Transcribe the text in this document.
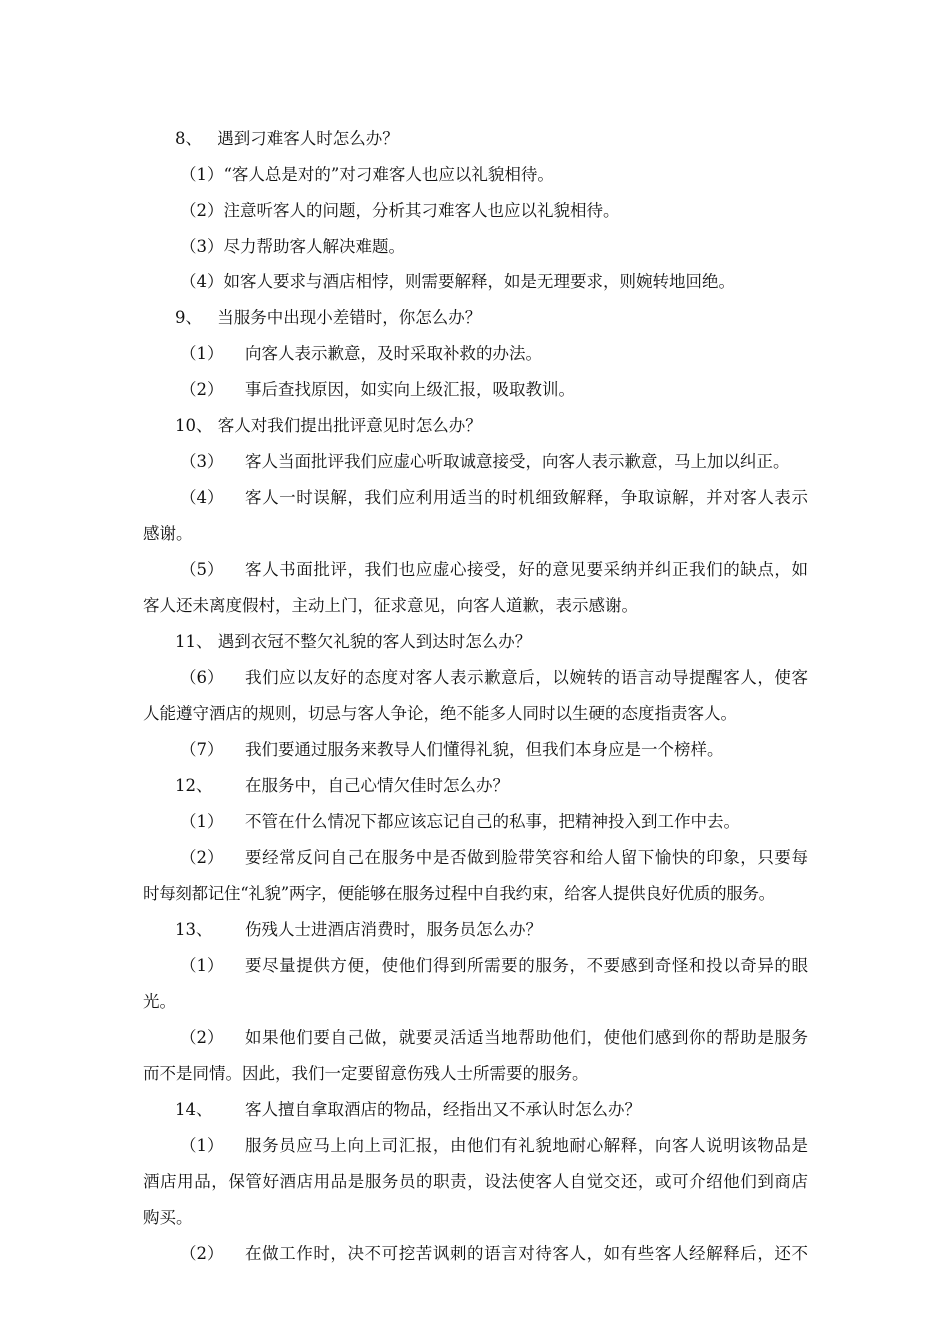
8、 遇到刁难客人时怎么办？
（1）“客人总是对的”对刁难客人也应以礼貌相待。
（2）注意听客人的问题，分析其刁难客人也应以礼貌相待。
（3）尽力帮助客人解决难题。
（4）如客人要求与酒店相悖，则需要解释，如是无理要求，则婉转地回绝。
9、 当服务中出现小差错时，你怎么办？
（1） 向客人表示歉意，及时采取补救的办法。
（2） 事后查找原因，如实向上级汇报，吸取教训。
10、 客人对我们提出批评意见时怎么办？
（3） 客人当面批评我们应虚心听取诚意接受，向客人表示歉意，马上加以纠正。
（4） 客人一时误解，我们应利用适当的时机细致解释，争取谅解，并对客人表示
感谢。
（5） 客人书面批评，我们也应虚心接受，好的意见要采纳并纠正我们的缺点，如
客人还未离度假村，主动上门，征求意见，向客人道歉，表示感谢。
11、 遇到衣冠不整欠礼貌的客人到达时怎么办？
（6） 我们应以友好的态度对客人表示歉意后，以婉转的语言动导提醒客人，使客
人能遵守酒店的规则，切忌与客人争论，绝不能多人同时以生硬的态度指责客人。
（7） 我们要通过服务来教导人们懂得礼貌，但我们本身应是一个榜样。
12、 在服务中，自己心情欠佳时怎么办？
（1） 不管在什么情况下都应该忘记自己的私事，把精神投入到工作中去。
（2） 要经常反问自己在服务中是否做到脸带笑容和给人留下愉快的印象，只要每
时每刻都记住“礼貌”两字，便能够在服务过程中自我约束，给客人提供良好优质的服务。
13、 伤残人士进酒店消费时，服务员怎么办？
（1） 要尽量提供方便，使他们得到所需要的服务，不要感到奇怪和投以奇异的眼
光。
（2） 如果他们要自己做，就要灵活适当地帮助他们，使他们感到你的帮助是服务
而不是同情。因此，我们一定要留意伤残人士所需要的服务。
14、 客人擅自拿取酒店的物品，经指出又不承认时怎么办？
（1） 服务员应马上向上司汇报，由他们有礼貌地耐心解释，向客人说明该物品是
酒店用品，保管好酒店用品是服务员的职责，设法使客人自觉交还，或可介绍他们到商店
购买。
（2） 在做工作时，决不可挖苦讽刺的语言对待客人，如有些客人经解释后，还不
